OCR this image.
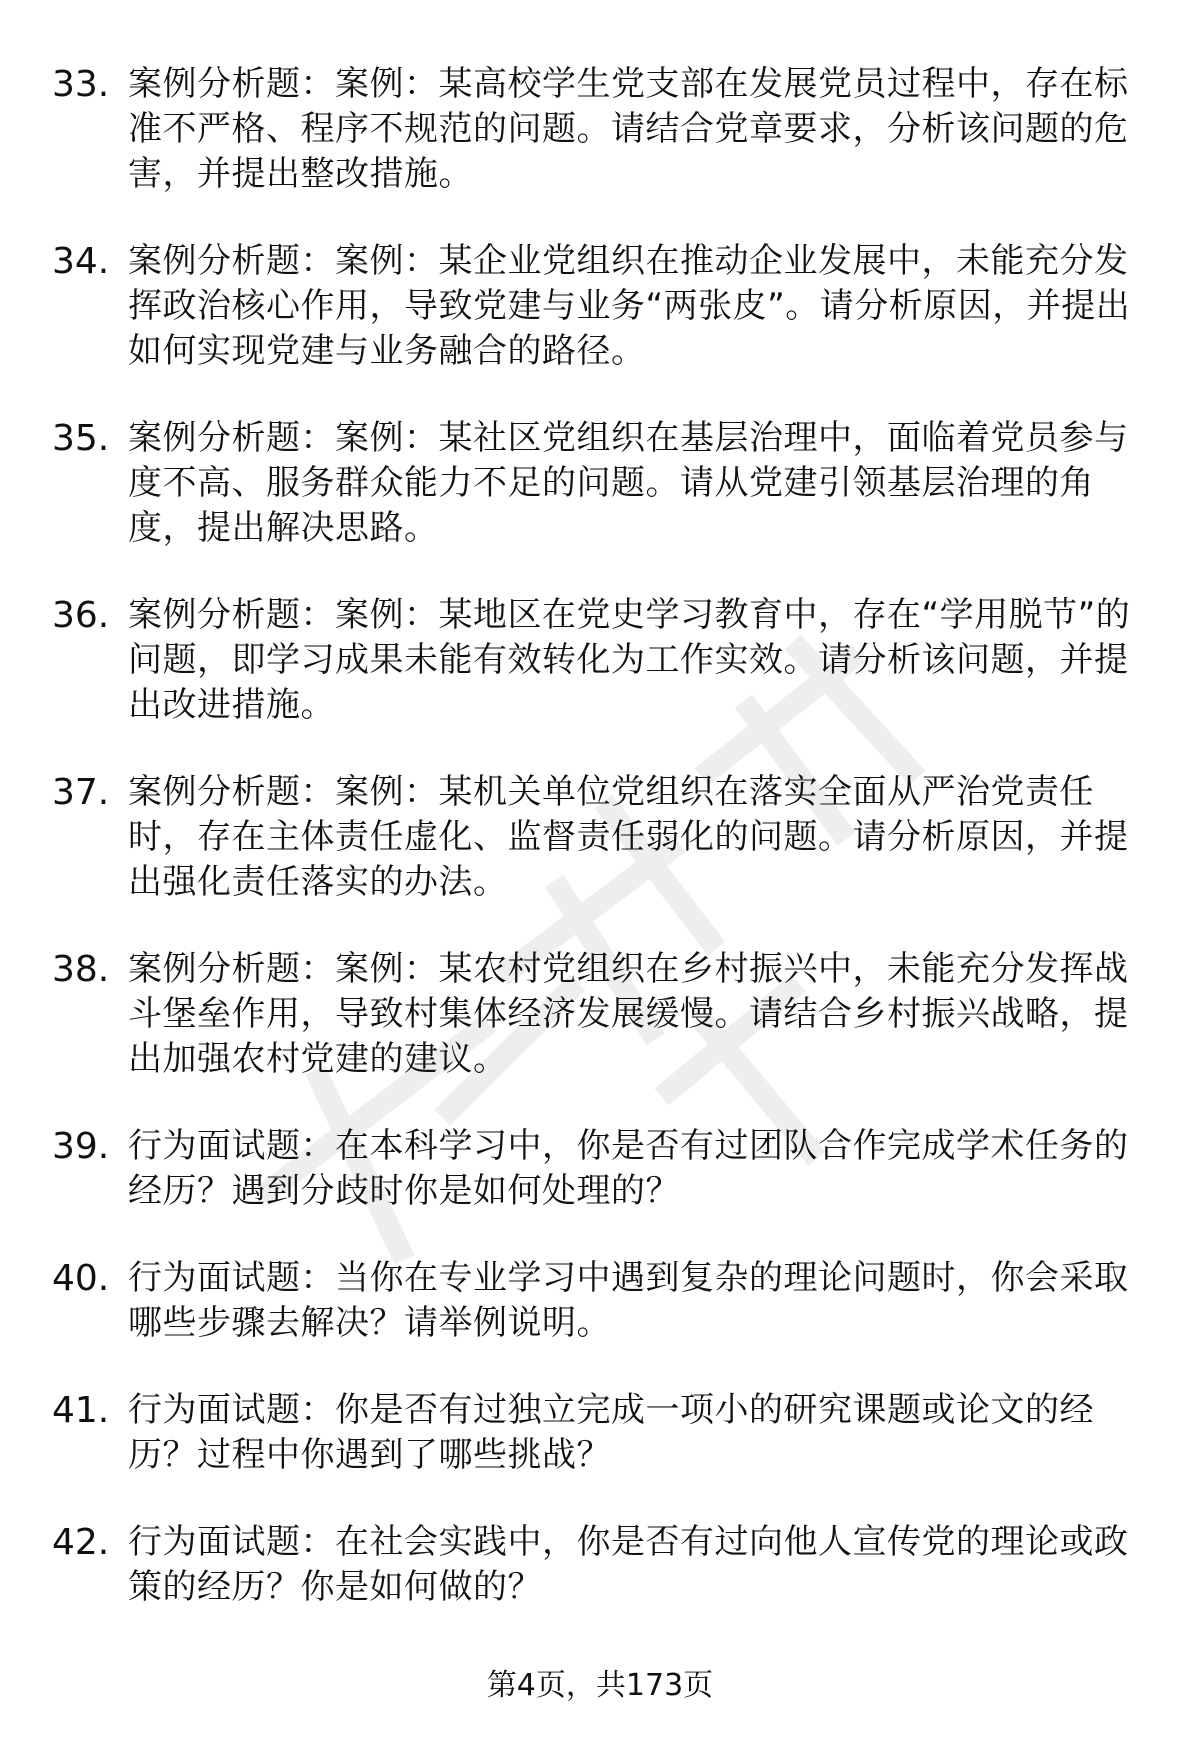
33. 案例分析题：案例：某高校学生党支部在发展党员过程中，存在标准不严格、程序不规范的问题。请结合党章要求，分析该问题的危害，并提出整改措施。
34. 案例分析题：案例：某企业党组织在推动企业发展中，未能充分发挥政治核心作用，导致党建与业务“两张皮”。请分析原因，并提出如何实现党建与业务融合的路径。
35. 案例分析题：案例：某社区党组织在基层治理中，面临着党员参与度不高、服务群众能力不足的问题。请从党建引领基层治理的角度，提出解决思路。
36. 案例分析题：案例：某地区在党史学习教育中，存在“学用脱节”的问题，即学习成果未能有效转化为工作实效。请分析该问题，并提出改进措施。
37. 案例分析题：案例：某机关单位党组织在落实全面从严治党责任时，存在主体责任虚化、监督责任弱化的问题。请分析原因，并提出强化责任落实的办法。
38. 案例分析题：案例：某农村党组织在乡村振兴中，未能充分发挥战斗堡垒作用，导致村集体经济发展缓慢。请结合乡村振兴战略，提出加强农村党建的建议。
39. 行为面试题：在本科学习中，你是否有过团队合作完成学术任务的经历？遇到分歧时你是如何处理的？
40. 行为面试题：当你在专业学习中遇到复杂的理论问题时，你会采取哪些步骤去解决？请举例说明。
41. 行为面试题：你是否有过独立完成一项小的研究课题或论文的经历？过程中你遇到了哪些挑战？
42. 行为面试题：在社会实践中，你是否有过向他人宣传党的理论或政策的经历？你是如何做的？
第4页，共173页
